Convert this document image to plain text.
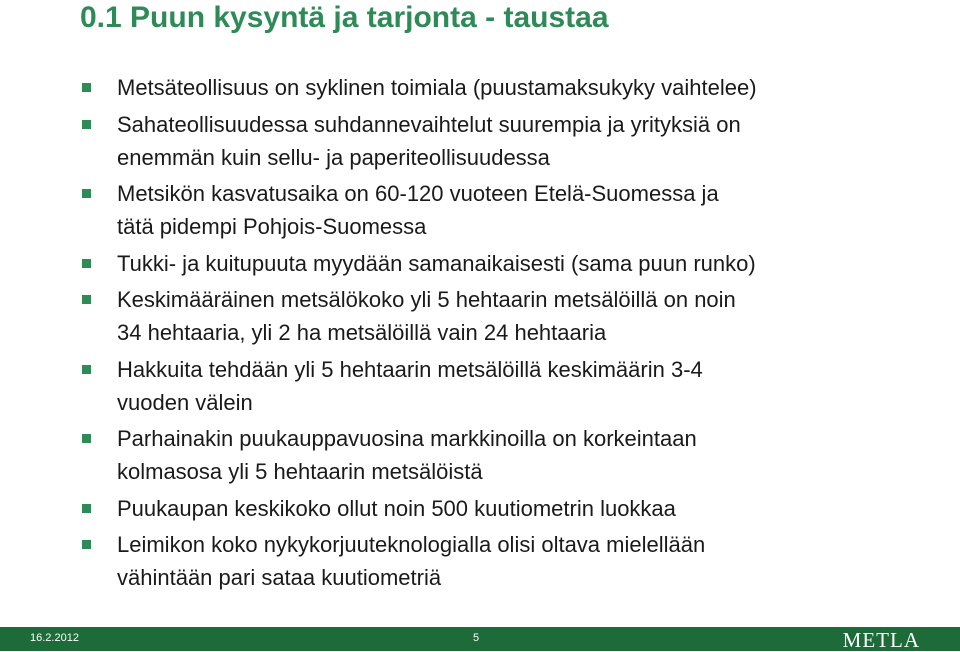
0.1 Puun kysyntä ja tarjonta - taustaa
Metsäteollisuus on syklinen toimiala (puustamaksukyky vaihtelee)
Sahateollisuudessa suhdannevaihtelut suurempia ja yrityksiä on
enemmän kuin sellu- ja paperiteollisuudessa
Metsikön kasvatusaika on 60-120 vuoteen Etelä-Suomessa ja
tätä pidempi Pohjois-Suomessa
Tukki- ja kuitupuuta myydään samanaikaisesti (sama puun runko)
Keskimääräinen metsälökoko yli 5 hehtaarin metsälöillä on noin
34 hehtaaria, yli 2 ha metsälöillä vain 24 hehtaaria
Hakkuita tehdään yli 5 hehtaarin metsälöillä keskimäärin 3-4
vuoden välein
Parhainakin puukauppavuosina markkinoilla on korkeintaan
kolmasosa yli 5 hehtaarin metsälöistä
Puukaupan keskikoko ollut noin 500 kuutiometrin luokkaa
Leimikon koko nykykorjuuteknologialla olisi oltava mielellään
vähintään pari sataa kuutiometriä
16.2.2012	5	METLA
